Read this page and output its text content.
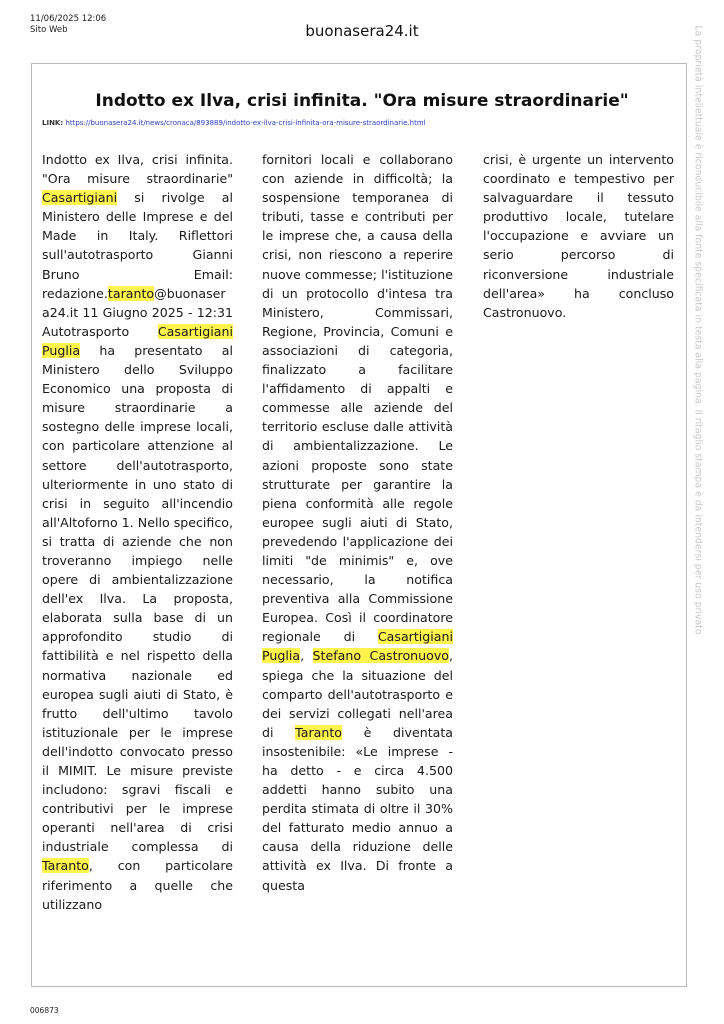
11/06/2025 12:06
Sito Web	buonasera24.it
Indotto ex Ilva, crisi infinita. "Ora misure straordinarie"
LINK: https://buonasera24.it/news/cronaca/893889/indotto-ex-ilva-crisi-infinita-ora-misure-straordinarie.html
Indotto ex Ilva, crisi infinita. "Ora misure straordinarie" Casartigiani si rivolge al Ministero delle Imprese e del Made in Italy. Riflettori sull'autotrasporto Gianni Bruno Email: redazione.taranto@buonasera24.it 11 Giugno 2025 - 12:31 Autotrasporto Casartigiani Puglia ha presentato al Ministero dello Sviluppo Economico una proposta di misure straordinarie a sostegno delle imprese locali, con particolare attenzione al settore dell'autotrasporto, ulteriormente in uno stato di crisi in seguito all'incendio all'Altoforno 1. Nello specifico, si tratta di aziende che non troveranno impiego nelle opere di ambientalizzazione dell'ex Ilva. La proposta, elaborata sulla base di un approfondito studio di fattibilità e nel rispetto della normativa nazionale ed europea sugli aiuti di Stato, è frutto dell'ultimo tavolo istituzionale per le imprese dell'indotto convocato presso il MIMIT. Le misure previste includono: sgravi fiscali e contributivi per le imprese operanti nell'area di crisi industriale complessa di Taranto, con particolare riferimento a quelle che utilizzano
fornitori locali e collaborano con aziende in difficoltà; la sospensione temporanea di tributi, tasse e contributi per le imprese che, a causa della crisi, non riescono a reperire nuove commesse; l'istituzione di un protocollo d'intesa tra Ministero, Commissari, Regione, Provincia, Comuni e associazioni di categoria, finalizzato a facilitare l'affidamento di appalti e commesse alle aziende del territorio escluse dalle attività di ambientalizzazione. Le azioni proposte sono state strutturate per garantire la piena conformità alle regole europee sugli aiuti di Stato, prevedendo l'applicazione dei limiti "de minimis" e, ove necessario, la notifica preventiva alla Commissione Europea. Così il coordinatore regionale di Casartigiani Puglia, Stefano Castronuovo, spiega che la situazione del comparto dell'autotrasporto e dei servizi collegati nell'area di Taranto è diventata insostenibile: «Le imprese - ha detto - e circa 4.500 addetti hanno subito una perdita stimata di oltre il 30% del fatturato medio annuo a causa della riduzione delle attività ex Ilva. Di fronte a questa
crisi, è urgente un intervento coordinato e tempestivo per salvaguardare il tessuto produttivo locale, tutelare l'occupazione e avviare un serio percorso di riconversione industriale dell'area» ha concluso Castronuovo.	La proprietà intellettuale è riconducibile alla fonte specificata in testa alla pagina. Il ritaglio stampa è da intendersi per uso privato
006873
